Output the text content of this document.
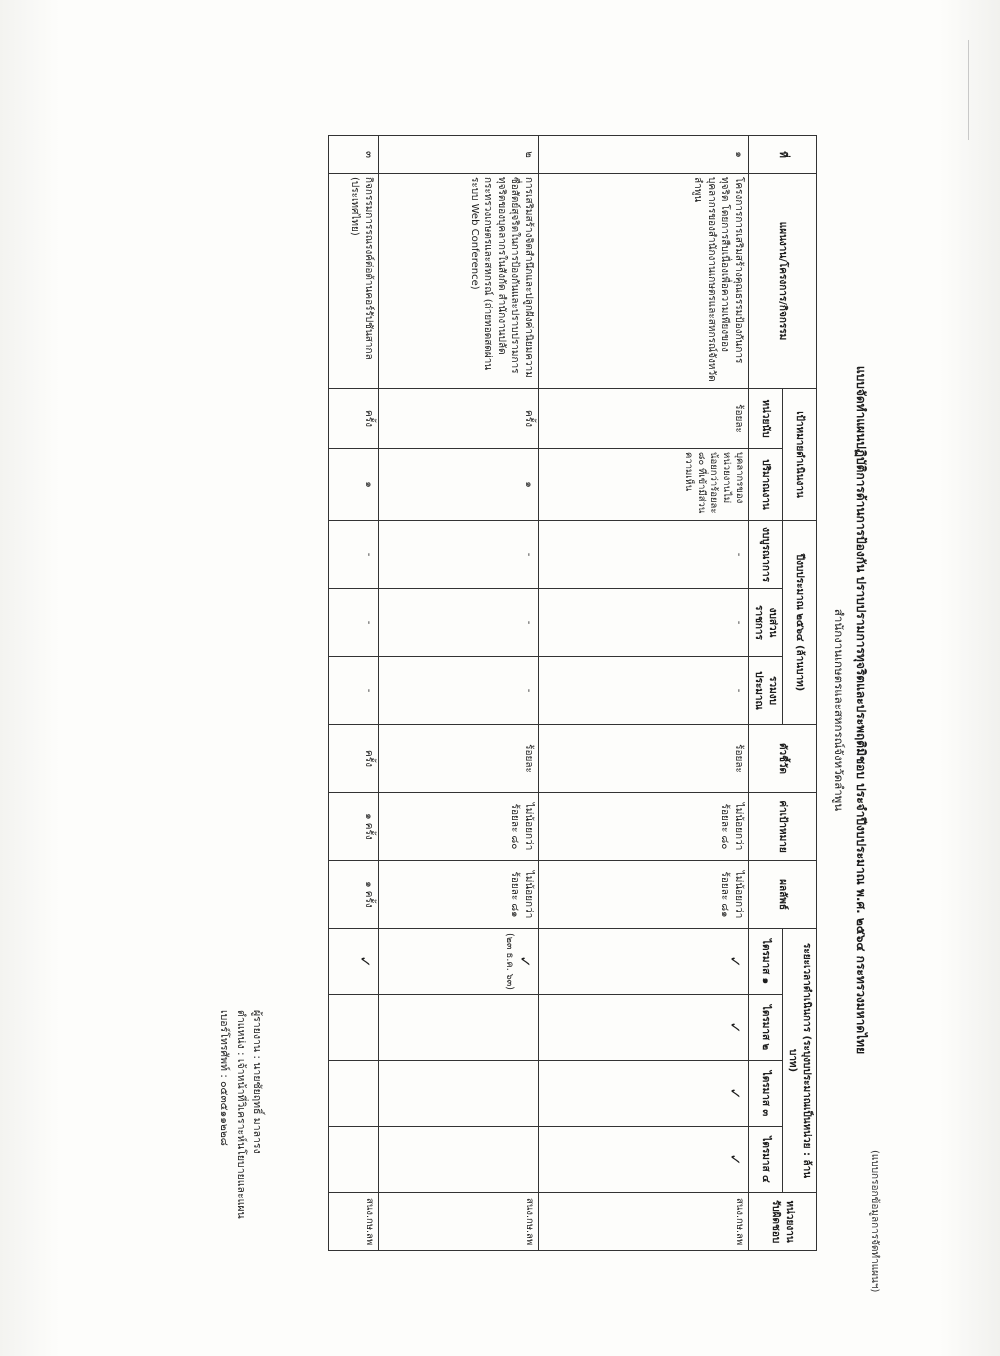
(แบบกรอกข้อมูลการจัดทำแผนฯ)
แบบจัดทำแผนปฏิบัติการด้านการป้องกัน ปราบปรามการทุจริตและประพฤติมิชอบ ประจำปีงบประมาณ พ.ศ. ๒๕๖๔ กระทรวงมหาดไทย
สำนักงานเกษตรและสหกรณ์จังหวัดลำพูน
ที่	แผนงาน/โครงการ/กิจกรรม	เป้าหมายดำเนินงาน		ปีงบประมาณ ๒๕๖๔ (ล้านบาท)			ตัวชี้วัด	ค่าเป้าหมาย	ผลลัพธ์	ระยะเวลาดำเนินการ (ระบุงบประมาณเป็นหน่วย : ล้านบาท)				หน่วยงานรับผิดชอบ
		หน่วยนับ	ปริมาณงาน	งบบูรณาการ	งบส่วนราชการ	รวมงบประมาณ				ไตรมาส ๑	ไตรมาส ๒	ไตรมาส ๓	ไตรมาส ๔	
๑	โครงการการเสริมสร้างคุณธรรมป้องกันการทุจริต โดยการสืบเนื่องเพื่อความเพียงของบุคลากรของสำนักงานเกษตรและสหกรณ์จังหวัดลำพูน	ร้อยละ	บุคลากรของหน่วยงานไม่น้อยกว่าร้อยละ ๘๐ ที่เข้ามีส่วนความเห็น	-	-	-	ร้อยละ	ไม่น้อยกว่า ร้อยละ ๘๐	ไม่น้อยกว่า ร้อยละ ๘๑	✓	✓	✓	✓	สนง.กษ.ลพ
๒	การเสริมสร้างจิตสำนึกและปลูกฝังค่านิยมความซื่อสัตย์สุจริตในการป้องกันและปราบปรามการทุจริตของบุคลากรในสังกัด สำนักงานปลัดกระทรวงเกษตรและสหกรณ์ (ถ่ายทอดสดผ่านระบบ Web Conference)	ครั้ง	๑	-	-	-	ร้อยละ	ไม่น้อยกว่า ร้อยละ ๘๐	ไม่น้อยกว่า ร้อยละ ๘๑	✓
(๒๓ ธ.ค. ๖๓)				สนง.กษ.ลพ
๓	กิจกรรมการรณรงค์ต่อต้านคอร์รัปชันสากล (ประเทศไทย)	ครั้ง	๑	-	-	-	ครั้ง	๑ ครั้ง	๑ ครั้ง	✓				สนง.กษ.ลพ
ผู้รายงาน : นายชัยฤทธิ์ มาลารง
ตำแหน่ง : เจ้าหน้าที่วิเคราะห์นโยบายและแผน
เบอร์โทรศัพท์ : ๐๕๓๕๑๑๒๒๘
